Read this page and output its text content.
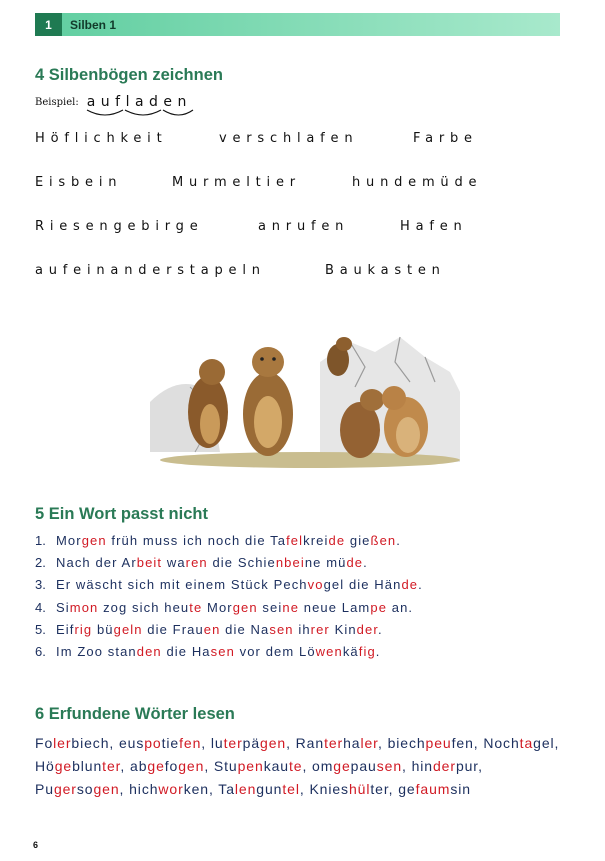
1	Silben 1
4 Silbenbögen zeichnen
Beispiel: aufladen
Höflichkeit	verschlafen	Farbe
Eisbein	Murmeltier	hundemüde
Riesengebirge	anrufen	Hafen
aufeinanderstapeln	Baukasten
5 Ein Wort passt nicht
1. Morgen früh muss ich noch die Tafelkreide gießen.
2. Nach der Arbeit waren die Schienbeine müde.
3. Er wäscht sich mit einem Stück Pechvogel die Hände.
4. Simon zog sich heute Morgen seine neue Lampe an.
5. Eifrig bügeln die Frauen die Nasen ihrer Kinder.
6. Im Zoo standen die Hasen vor dem Löwenkäfig.
6 Erfundene Wörter lesen
Folerbiech, euspotiefen, luterpägen, Ranterhaler, biechpeufen, Nochtagel, Högeblunter, abgefogen, Stupenkaute, omgepausen, hinderpur, Pugersogen, hichworken, Talenguntel, Knieshülter, gefaumsin
6
